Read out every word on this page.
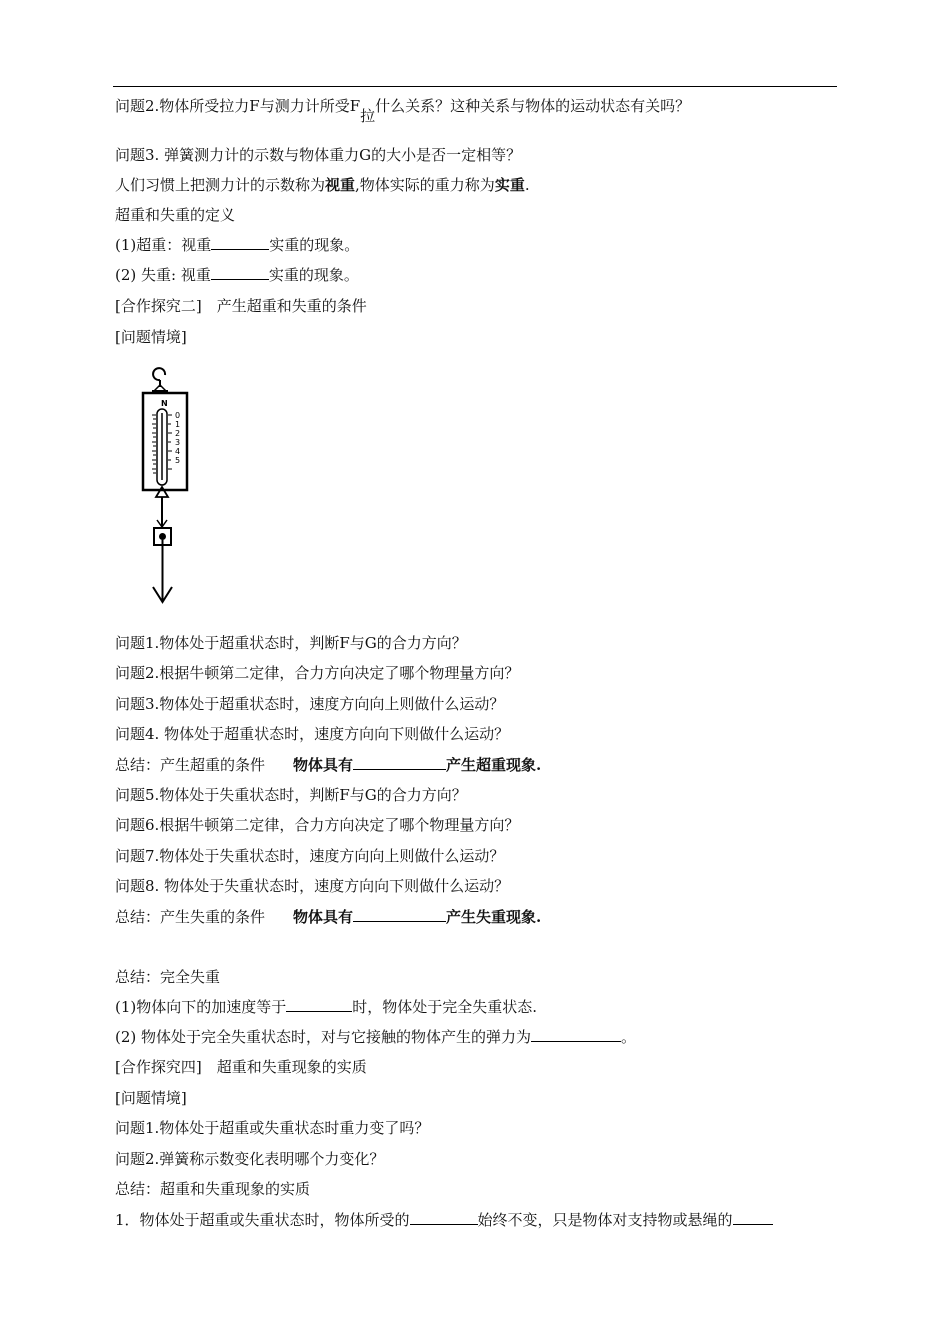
问题2.物体所受拉力F与测力计所受F拉什么关系？这种关系与物体的运动状态有关吗？
问题3. 弹簧测力计的示数与物体重力G的大小是否一定相等？
人们习惯上把测力计的示数称为视重,物体实际的重力称为实重.
超重和失重的定义
(1)超重：视重	实重的现象。
(2) 失重: 视重	实重的现象。
[合作探究二]　产生超重和失重的条件
[问题情境]
N
0
1
2
3
4
5
问题1.物体处于超重状态时，判断F与G的合力方向？
问题2.根据牛顿第二定律，合力方向决定了哪个物理量方向？
问题3.物体处于超重状态时，速度方向向上则做什么运动？
问题4. 物体处于超重状态时，速度方向向下则做什么运动？
总结：产生超重的条件 物体具有	产生超重现象.
问题5.物体处于失重状态时，判断F与G的合力方向？
问题6.根据牛顿第二定律，合力方向决定了哪个物理量方向？
问题7.物体处于失重状态时，速度方向向上则做什么运动？
问题8. 物体处于失重状态时，速度方向向下则做什么运动？
总结：产生失重的条件 物体具有	产生失重现象.
总结：完全失重
(1)物体向下的加速度等于	时，物体处于完全失重状态.
(2) 物体处于完全失重状态时，对与它接触的物体产生的弹力为	。
[合作探究四]　超重和失重现象的实质
[问题情境]
问题1.物体处于超重或失重状态时重力变了吗？
问题2.弹簧称示数变化表明哪个力变化？
总结：超重和失重现象的实质
1．物体处于超重或失重状态时，物体所受的	始终不变，只是物体对支持物或悬绳的
